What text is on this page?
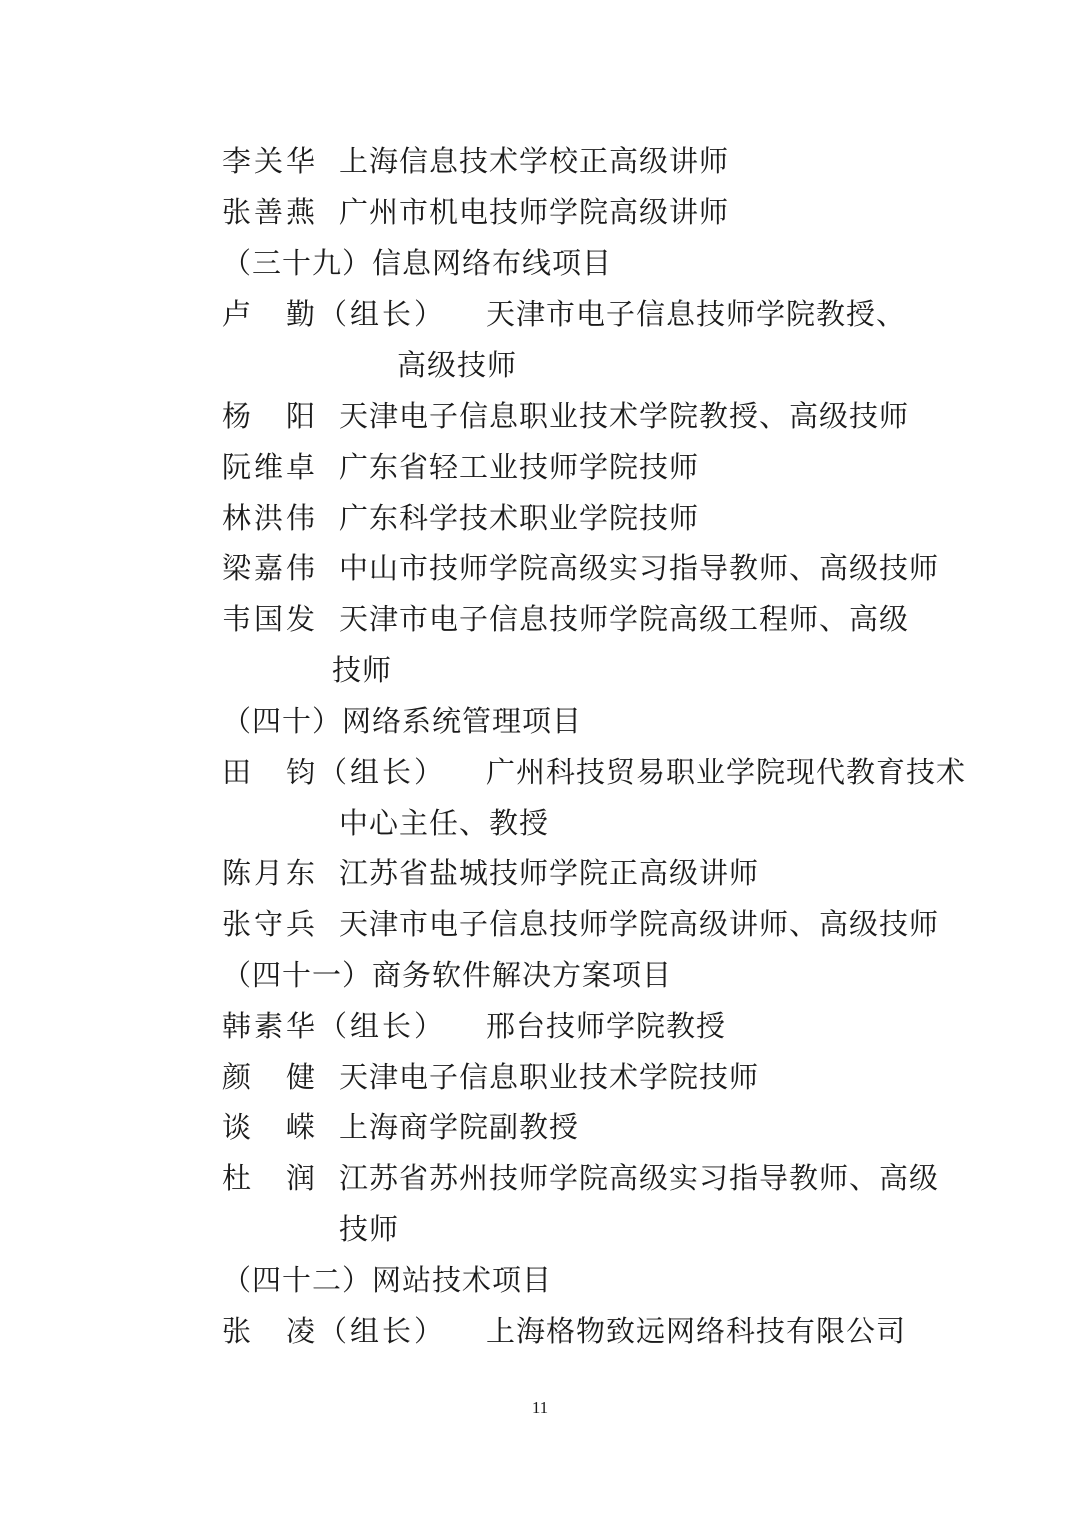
李关华 上海信息技术学校正高级讲师
张善燕 广州市机电技师学院高级讲师
（三十九）信息网络布线项目
卢　勤（组长） 天津市电子信息技师学院教授、
高级技师
杨　阳 天津电子信息职业技术学院教授、高级技师
阮维卓 广东省轻工业技师学院技师
林洪伟 广东科学技术职业学院技师
梁嘉伟 中山市技师学院高级实习指导教师、高级技师
韦国发 天津市电子信息技师学院高级工程师、高级
技师
（四十）网络系统管理项目
田　钧（组长） 广州科技贸易职业学院现代教育技术
中心主任、教授
陈月东 江苏省盐城技师学院正高级讲师
张守兵 天津市电子信息技师学院高级讲师、高级技师
（四十一）商务软件解决方案项目
韩素华（组长） 邢台技师学院教授
颜　健 天津电子信息职业技术学院技师
谈　嵘 上海商学院副教授
杜　润 江苏省苏州技师学院高级实习指导教师、高级
技师
（四十二）网站技术项目
张　凌（组长） 上海格物致远网络科技有限公司
11
